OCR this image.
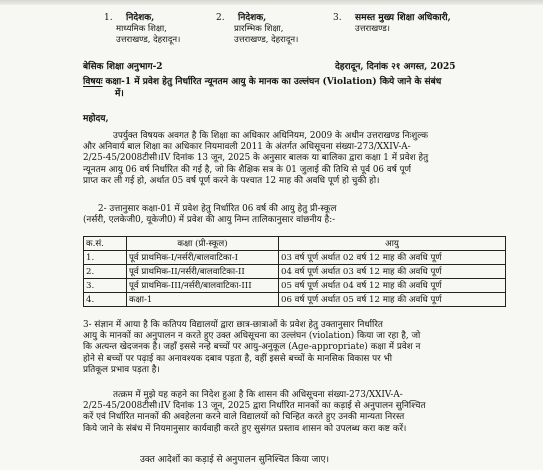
1. निदेशक,
माध्यमिक शिक्षा,
उत्तराखण्ड, देहरादून।
2. निदेशक,
प्रारम्भिक शिक्षा,
उत्तराखण्ड, देहरादून।
3. समस्त मुख्य शिक्षा अधिकारी,
उत्तराखण्ड।
बेसिक शिक्षा अनुभाग-2	देहरादून, दिनांक २१ अगस्त, 2025
विषयः कक्षा-1 में प्रवेश हेतु निर्धारित न्यूनतम आयु के मानक का उल्लंघन (Violation) किये जाने के संबंध
में।
महोदय,
उपर्युक्त विषयक अवगत है कि शिक्षा का अधिकार अधिनियम, 2009 के अधीन उत्तराखण्ड निःशुल्क
और अनिवार्य बाल शिक्षा का अधिकार नियमावली 2011 के अंतर्गत अधिसूचना संख्या-273/XXIV-A-
2/25-45/2008टीसी।IV दिनांक 13 जून, 2025 के अनुसार बालक या बालिका द्वारा कक्षा 1 में प्रवेश हेतु
न्यूनतम आयु 06 वर्ष निर्धारित की गई है, जो कि शैक्षिक सत्र के 01 जुलाई की तिथि से पूर्व 06 वर्ष पूर्ण
प्राप्त कर ली गई हो, अर्थात 05 वर्ष पूर्ण करने के पश्चात 12 माह की अवधि पूर्ण हो चुकी हो।
2- उत्तानुसार कक्षा-01 में प्रवेश हेतु निर्धारित 06 वर्ष की आयु हेतु प्री-स्कूल
(नर्सरी, एलकेजी0, यूकेजी0) में प्रवेश की आयु निम्न तालिकानुसार वांछनीय है:-
क.सं.	कक्षा (प्री-स्कूल)	आयु
1.	पूर्व प्राथमिक-I/नर्सरी/बालवाटिका-I	03 वर्ष पूर्ण अर्थात 02 वर्ष 12 माह की अवधि पूर्ण
2.	पूर्व प्राथमिक-II/नर्सरी/बालवाटिका-II	04 वर्ष पूर्ण अर्थात 03 वर्ष 12 माह की अवधि पूर्ण
3.	पूर्व प्राथमिक-III/नर्सरी/बालवाटिका-III	05 वर्ष पूर्ण अर्थात 04 वर्ष 12 माह की अवधि पूर्ण
4.	कक्षा-1	06 वर्ष पूर्ण अर्थात 05 वर्ष 12 माह की अवधि पूर्ण
3- संज्ञान में आया है कि कतिपय विद्यालयों द्वारा छात्र-छात्राओं के प्रवेश हेतु उक्तानुसार निर्धारित
आयु के मानकों का अनुपालन न करते हुए उक्त अधिसूचना का उल्लंघन (violation) किया जा रहा है, जो
कि अत्यन्त खेदजनक है। जहाँ इससे नन्हे बच्चों पर आयु-अनुकूल (Age-appropriate) कक्षा में प्रवेश न
होने से बच्चों पर पढ़ाई का अनावश्यक दबाव पड़ता है, वहीं इससे बच्चों के मानसिक विकास पर भी
प्रतिकूल प्रभाव पड़ता है।
तत्क्रम में मुझे यह कहने का निदेश हुआ है कि शासन की अधिसूचना संख्या-273/XXIV-A-
2/25-45/2008टीसी।IV दिनांक 13 जून, 2025 द्वारा निर्धारित मानकों का कड़ाई से अनुपालन सुनिश्चित
करें एवं निर्धारित मानकों की अवहेलना करने वाले विद्यालयों को चिन्हित करते हुए उनकी मान्यता निरस्त
किये जाने के संबंध में नियमानुसार कार्यवाही करते हुए सुसंगत प्रस्ताव शासन को उपलब्ध करा कष्ट करें।
उक्त आदेशों का कड़ाई से अनुपालन सुनिश्चित किया जाए।
